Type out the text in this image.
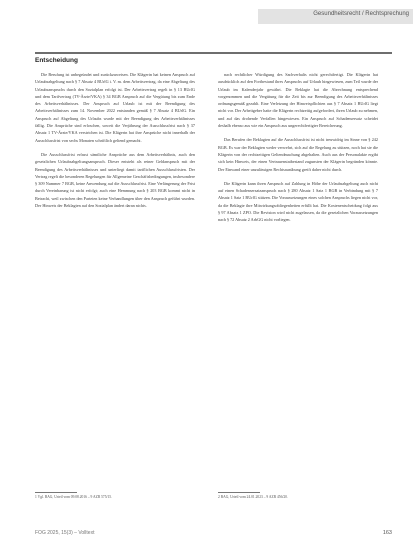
Gesundheitsrecht / Rechtsprechung
Entscheidung

Die Berufung ist unbegründet und zurückzuweisen. Die Klägerin hat keinen Anspruch auf Urlaubsabgeltung nach § 7 Absatz 4 BUrlG i. V. m. dem Arbeitsvertrag, da eine Abgeltung des Urlaubsanspruchs durch den Sozialplan erfolgt ist. Der Arbeitsvertrag regelt in § 13 BUrlG und dem Tarifvertrag (TV-Ärzte/VKA) § 34 BGB Anspruch auf die Vergütung bis zum Ende des Arbeitsverhältnisses. Der Anspruch auf Urlaub ist mit der Beendigung des Arbeitsverhältnisses zum 14. November 2022 entstanden gemäß § 7 Absatz 4 BUrlG. Ein Anspruch auf Abgeltung des Urlaubs wurde mit der Beendigung des Arbeitsverhältnisses fällig. Die Ansprüche sind erloschen, soweit die Verjährung der Ausschlussfrist nach § 37 Absatz 1 TV-Ärzte/VKA verstrichen ist. Die Klägerin hat ihre Ansprüche nicht innerhalb der Ausschlussfrist von sechs Monaten schriftlich geltend gemacht.

Die Ausschlussfrist erfasst sämtliche Ansprüche aus dem Arbeitsverhältnis, auch den gesetzlichen Urlaubsabgeltungsanspruch. Dieser entsteht als reiner Geldanspruch mit der Beendigung des Arbeitsverhältnisses und unterliegt damit tariflichen Ausschlussfristen. Der Vertrag regelt die besonderen Regelungen für Allgemeine Geschäftsbedingungen, insbesondere § 309 Nummer 7 BGB, keine Anwendung auf die Ausschlussfrist. Eine Verlängerung der Frist durch Vereinbarung ist nicht erfolgt; auch eine Hemmung nach § 203 BGB kommt nicht in Betracht, weil zwischen den Parteien keine Verhandlungen über den Anspruch geführt wurden. Der Hinweis der Beklagten auf den Sozialplan ändert daran nichts.

nach rechtlicher Würdigung des Sachverhalts nicht gerechtfertigt. Die Klägerin hat ausdrücklich auf den Fortbestand ihres Anspruchs auf Urlaub hingewiesen, zum Teil wurde der Urlaub im Kalenderjahr gewährt. Die Beklagte hat die Abrechnung entsprechend vorgenommen und die Vergütung für die Zeit bis zur Beendigung des Arbeitsverhältnisses ordnungsgemäß gezahlt. Eine Verletzung der Hinweispflichten aus § 7 Absatz 1 BUrlG liegt nicht vor. Der Arbeitgeber hatte die Klägerin rechtzeitig aufgefordert, ihren Urlaub zu nehmen, und auf das drohende Verfallen hingewiesen. Ein Anspruch auf Schadensersatz scheidet deshalb ebenso aus wie ein Anspruch aus ungerechtfertigter Bereicherung.

Das Berufen der Beklagten auf die Ausschlussfrist ist nicht treuwidrig im Sinne von § 242 BGB. Es war der Beklagten weder verwehrt, sich auf die Regelung zu stützen, noch hat sie die Klägerin von der rechtzeitigen Geltendmachung abgehalten. Auch aus der Personalakte ergibt sich kein Hinweis, der einen Vertrauenstatbestand zugunsten der Klägerin begründen könnte. Der Einwand einer unzulässigen Rechtsausübung greift daher nicht durch.

Die Klägerin kann ihren Anspruch auf Zahlung in Höhe der Urlaubsabgeltung auch nicht auf einen Schadensersatzanspruch nach § 280 Absatz 1 Satz 1 BGB in Verbindung mit § 7 Absatz 1 Satz 1 BUrlG stützen. Die Voraussetzungen eines solchen Anspruchs liegen nicht vor, da die Beklagte ihre Mitwirkungsobliegenheiten erfüllt hat. Die Kostenentscheidung folgt aus § 97 Absatz 1 ZPO. Die Revision wird nicht zugelassen, da die gesetzlichen Voraussetzungen nach § 72 Absatz 2 ArbGG nicht vorliegen.

1 Vgl. BAG, Urteil vom 09.08.2016 – 9 AZR 575/15.	2 BAG, Urteil vom 24.01.2023 – 9 AZR 456/20.
FOG 2025, 15(3) – Volltext	163
